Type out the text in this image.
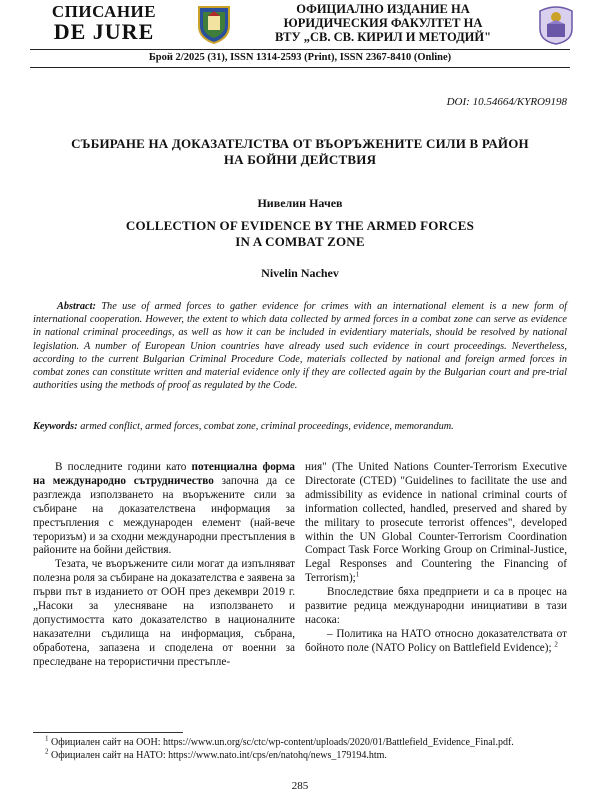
СПИСАНИЕ
DE JURE
ОФИЦИАЛНО ИЗДАНИЕ НА
ЮРИДИЧЕСКИЯ ФАКУЛТЕТ НА
ВТУ „СВ. СВ. КИРИЛ И МЕТОДИЙ"
Брой 2/2025 (31), ISSN 1314-2593 (Print), ISSN 2367-8410 (Online)
DOI: 10.54664/KYRO9198
СЪБИРАНЕ НА ДОКАЗАТЕЛСТВА ОТ ВЪОРЪЖЕНИТЕ СИЛИ В РАЙОН
НА БОЙНИ ДЕЙСТВИЯ
Нивелин Начев
COLLECTION OF EVIDENCE BY THE ARMED FORCES
IN A COMBAT ZONE
Nivelin Nachev
Abstract: The use of armed forces to gather evidence for crimes with an international element is a new form of international cooperation. However, the extent to which data collected by armed forces in a combat zone can serve as evidence in national criminal proceedings, as well as how it can be included in evidentiary materials, should be resolved by national legislation. A number of European Union countries have already used such evidence in court proceedings. Nevertheless, according to the current Bulgarian Criminal Procedure Code, materials collected by national and foreign armed forces in combat zones can constitute written and material evidence only if they are collected again by the Bulgarian court and pre-trial authorities using the methods of proof as regulated by the Code.
Keywords: armed conflict, armed forces, combat zone, criminal proceedings, evidence, memorandum.

В последните години като потенциална форма на международно сътрудничество започна да се разглежда използването на въоръжените сили за събиране на доказателствена информация за престъпления с международен елемент (най-вече тероризъм) и за сходни международни престъпления в районите на бойни действия.

Тезата, че въоръжените сили могат да изпълняват полезна роля за събиране на доказателства е заявена за първи път в изданието от ООН през декември 2019 г. „Насоки за улесняване на използването и допустимостта като доказателство в националните наказателни съдилища на информация, събрана, обработена, запазена и споделена от военни за преследване на терористични престъпле-

ния" (The United Nations Counter-Terrorism Executive Directorate (CTED) "Guidelines to facilitate the use and admissibility as evidence in national criminal courts of information collected, handled, preserved and shared by the military to prosecute terrorist offences", developed within the UN Global Counter-Terrorism Coordination Compact Task Force Working Group on Criminal-Justice, Legal Responses and Countering the Financing of Terrorism);$^1$

Впоследствие бяха предприети и са в процес на развитие редица международни инициативи в тази насока:

– Политика на НАТО относно доказателствата от бойното поле (NATO Policy on Battlefield Evidence); $^2$

$^1$ Официален сайт на ООН: https://www.un.org/sc/ctc/wp-content/uploads/2020/01/Battlefield_Evidence_Final.pdf.
$^2$ Официален сайт на НАТО: https://www.nato.int/cps/en/natohq/news_179194.htm.
285
